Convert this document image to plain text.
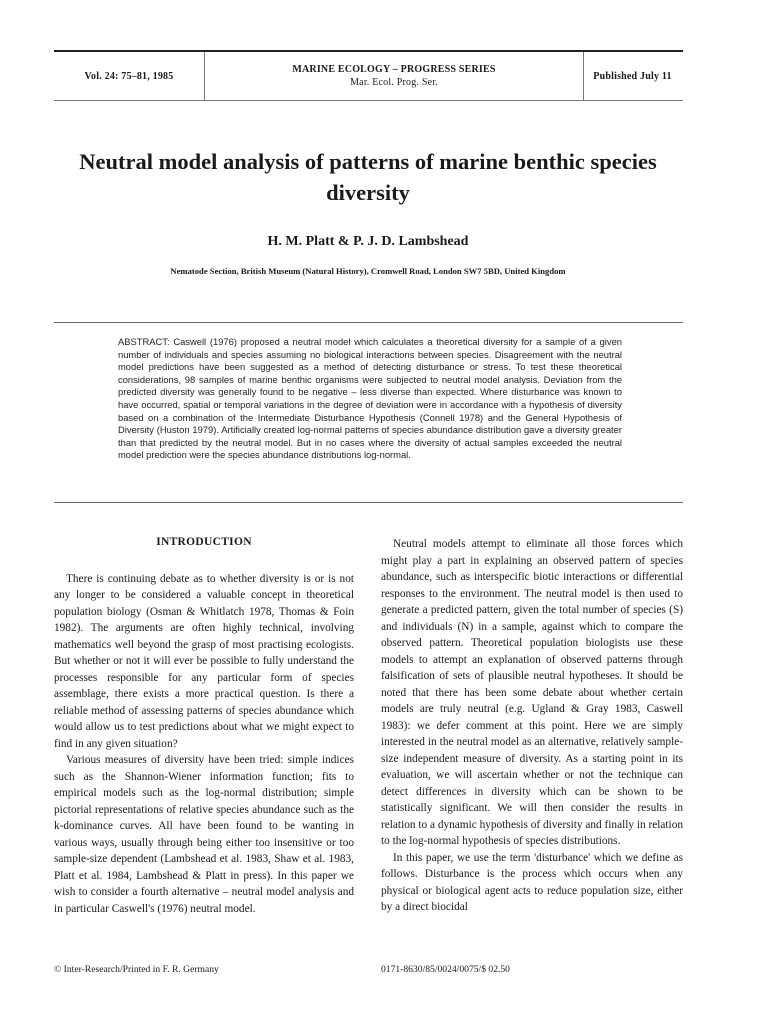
Vol. 24: 75–81, 1985
MARINE ECOLOGY – PROGRESS SERIES
Mar. Ecol. Prog. Ser.
Published July 11
Neutral model analysis of patterns of marine benthic species diversity
H. M. Platt & P. J. D. Lambshead
Nematode Section, British Museum (Natural History), Cromwell Road, London SW7 5BD, United Kingdom
ABSTRACT: Caswell (1976) proposed a neutral model which calculates a theoretical diversity for a sample of a given number of individuals and species assuming no biological interactions between species. Disagreement with the neutral model predictions have been suggested as a method of detecting disturbance or stress. To test these theoretical considerations, 98 samples of marine benthic organisms were subjected to neutral model analysis. Deviation from the predicted diversity was generally found to be negative – less diverse than expected. Where disturbance was known to have occurred, spatial or temporal variations in the degree of deviation were in accordance with a hypothesis of diversity based on a combination of the Intermediate Disturbance Hypothesis (Connell 1978) and the General Hypothesis of Diversity (Huston 1979). Artificially created log-normal patterns of species abundance distribution gave a diversity greater than that predicted by the neutral model. But in no cases where the diversity of actual samples exceeded the neutral model prediction were the species abundance distributions log-normal.
INTRODUCTION

There is continuing debate as to whether diversity is or is not any longer to be considered a valuable concept in theoretical population biology (Osman & Whitlatch 1978, Thomas & Foin 1982). The arguments are often highly technical, involving mathematics well beyond the grasp of most practising ecologists. But whether or not it will ever be possible to fully understand the processes responsible for any particular form of species assemblage, there exists a more practical question. Is there a reliable method of assessing patterns of species abundance which would allow us to test predictions about what we might expect to find in any given situation?

Various measures of diversity have been tried: simple indices such as the Shannon-Wiener information function; fits to empirical models such as the log-normal distribution; simple pictorial representations of relative species abundance such as the k-dominance curves. All have been found to be wanting in various ways, usually through being either too insensitive or too sample-size dependent (Lambshead et al. 1983, Shaw et al. 1983, Platt et al. 1984, Lambshead & Platt in press). In this paper we wish to consider a fourth alternative – neutral model analysis and in particular Caswell's (1976) neutral model.

Neutral models attempt to eliminate all those forces which might play a part in explaining an observed pattern of species abundance, such as interspecific biotic interactions or differential responses to the environment. The neutral model is then used to generate a predicted pattern, given the total number of species (S) and individuals (N) in a sample, against which to compare the observed pattern. Theoretical population biologists use these models to attempt an explanation of observed patterns through falsification of sets of plausible neutral hypotheses. It should be noted that there has been some debate about whether certain models are truly neutral (e.g. Ugland & Gray 1983, Caswell 1983): we defer comment at this point. Here we are simply interested in the neutral model as an alternative, relatively sample-size independent measure of diversity. As a starting point in its evaluation, we will ascertain whether or not the technique can detect differences in diversity which can be shown to be statistically significant. We will then consider the results in relation to a dynamic hypothesis of diversity and finally in relation to the log-normal hypothesis of species distributions.

In this paper, we use the term 'disturbance' which we define as follows. Disturbance is the process which occurs when any physical or biological agent acts to reduce population size, either by a direct biocidal

© Inter-Research/Printed in F. R. Germany	0171-8630/85/0024/0075/$ 02.50
